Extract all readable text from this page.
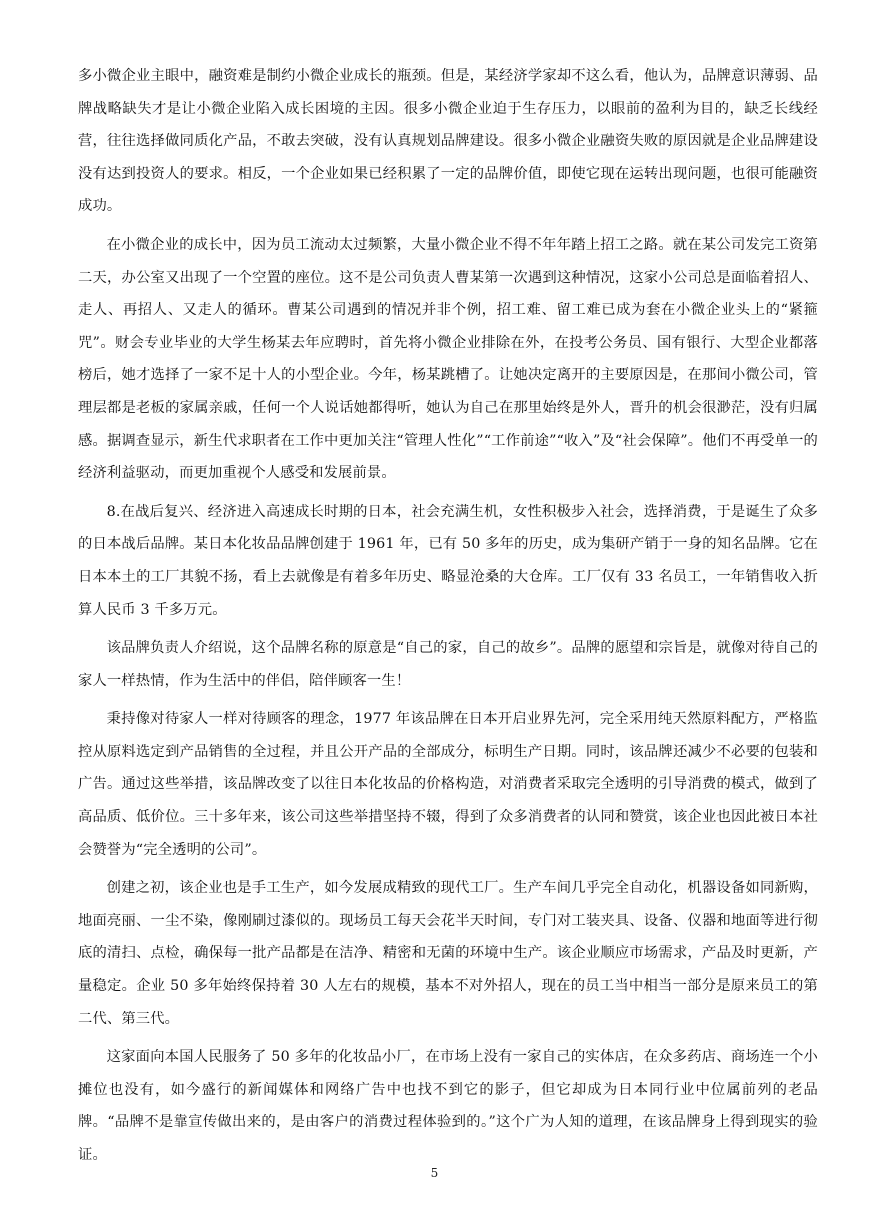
多小微企业主眼中，融资难是制约小微企业成长的瓶颈。但是，某经济学家却不这么看，他认为，品牌意识薄弱、品牌战略缺失才是让小微企业陷入成长困境的主因。很多小微企业迫于生存压力，以眼前的盈利为目的，缺乏长线经营，往往选择做同质化产品，不敢去突破，没有认真规划品牌建设。很多小微企业融资失败的原因就是企业品牌建设没有达到投资人的要求。相反，一个企业如果已经积累了一定的品牌价值，即使它现在运转出现问题，也很可能融资成功。

在小微企业的成长中，因为员工流动太过频繁，大量小微企业不得不年年踏上招工之路。就在某公司发完工资第二天，办公室又出现了一个空置的座位。这不是公司负责人曹某第一次遇到这种情况，这家小公司总是面临着招人、走人、再招人、又走人的循环。曹某公司遇到的情况并非个例，招工难、留工难已成为套在小微企业头上的“紧箍咒”。财会专业毕业的大学生杨某去年应聘时，首先将小微企业排除在外，在投考公务员、国有银行、大型企业都落榜后，她才选择了一家不足十人的小型企业。今年，杨某跳槽了。让她决定离开的主要原因是，在那间小微公司，管理层都是老板的家属亲戚，任何一个人说话她都得听，她认为自己在那里始终是外人，晋升的机会很渺茫，没有归属感。据调查显示，新生代求职者在工作中更加关注“管理人性化”“工作前途”“收入”及“社会保障”。他们不再受单一的经济利益驱动，而更加重视个人感受和发展前景。

8.在战后复兴、经济进入高速成长时期的日本，社会充满生机，女性积极步入社会，选择消费，于是诞生了众多的日本战后品牌。某日本化妆品品牌创建于 1961 年，已有 50 多年的历史，成为集研产销于一身的知名品牌。它在日本本土的工厂其貌不扬，看上去就像是有着多年历史、略显沧桑的大仓库。工厂仅有 33 名员工，一年销售收入折算人民币 3 千多万元。

该品牌负责人介绍说，这个品牌名称的原意是“自己的家，自己的故乡”。品牌的愿望和宗旨是，就像对待自己的家人一样热情，作为生活中的伴侣，陪伴顾客一生！

秉持像对待家人一样对待顾客的理念，1977 年该品牌在日本开启业界先河，完全采用纯天然原料配方，严格监控从原料选定到产品销售的全过程，并且公开产品的全部成分，标明生产日期。同时，该品牌还减少不必要的包装和广告。通过这些举措，该品牌改变了以往日本化妆品的价格构造，对消费者采取完全透明的引导消费的模式，做到了高品质、低价位。三十多年来，该公司这些举措坚持不辍，得到了众多消费者的认同和赞赏，该企业也因此被日本社会赞誉为“完全透明的公司”。

创建之初，该企业也是手工生产，如今发展成精致的现代工厂。生产车间几乎完全自动化，机器设备如同新购，地面亮丽、一尘不染，像刚刷过漆似的。现场员工每天会花半天时间，专门对工装夹具、设备、仪器和地面等进行彻底的清扫、点检，确保每一批产品都是在洁净、精密和无菌的环境中生产。该企业顺应市场需求，产品及时更新，产量稳定。企业 50 多年始终保持着 30 人左右的规模，基本不对外招人，现在的员工当中相当一部分是原来员工的第二代、第三代。

这家面向本国人民服务了 50 多年的化妆品小厂，在市场上没有一家自己的实体店，在众多药店、商场连一个小摊位也没有，如今盛行的新闻媒体和网络广告中也找不到它的影子，但它却成为日本同行业中位属前列的老品牌。“品牌不是靠宣传做出来的，是由客户的消费过程体验到的。”这个广为人知的道理，在该品牌身上得到现实的验证。

5
